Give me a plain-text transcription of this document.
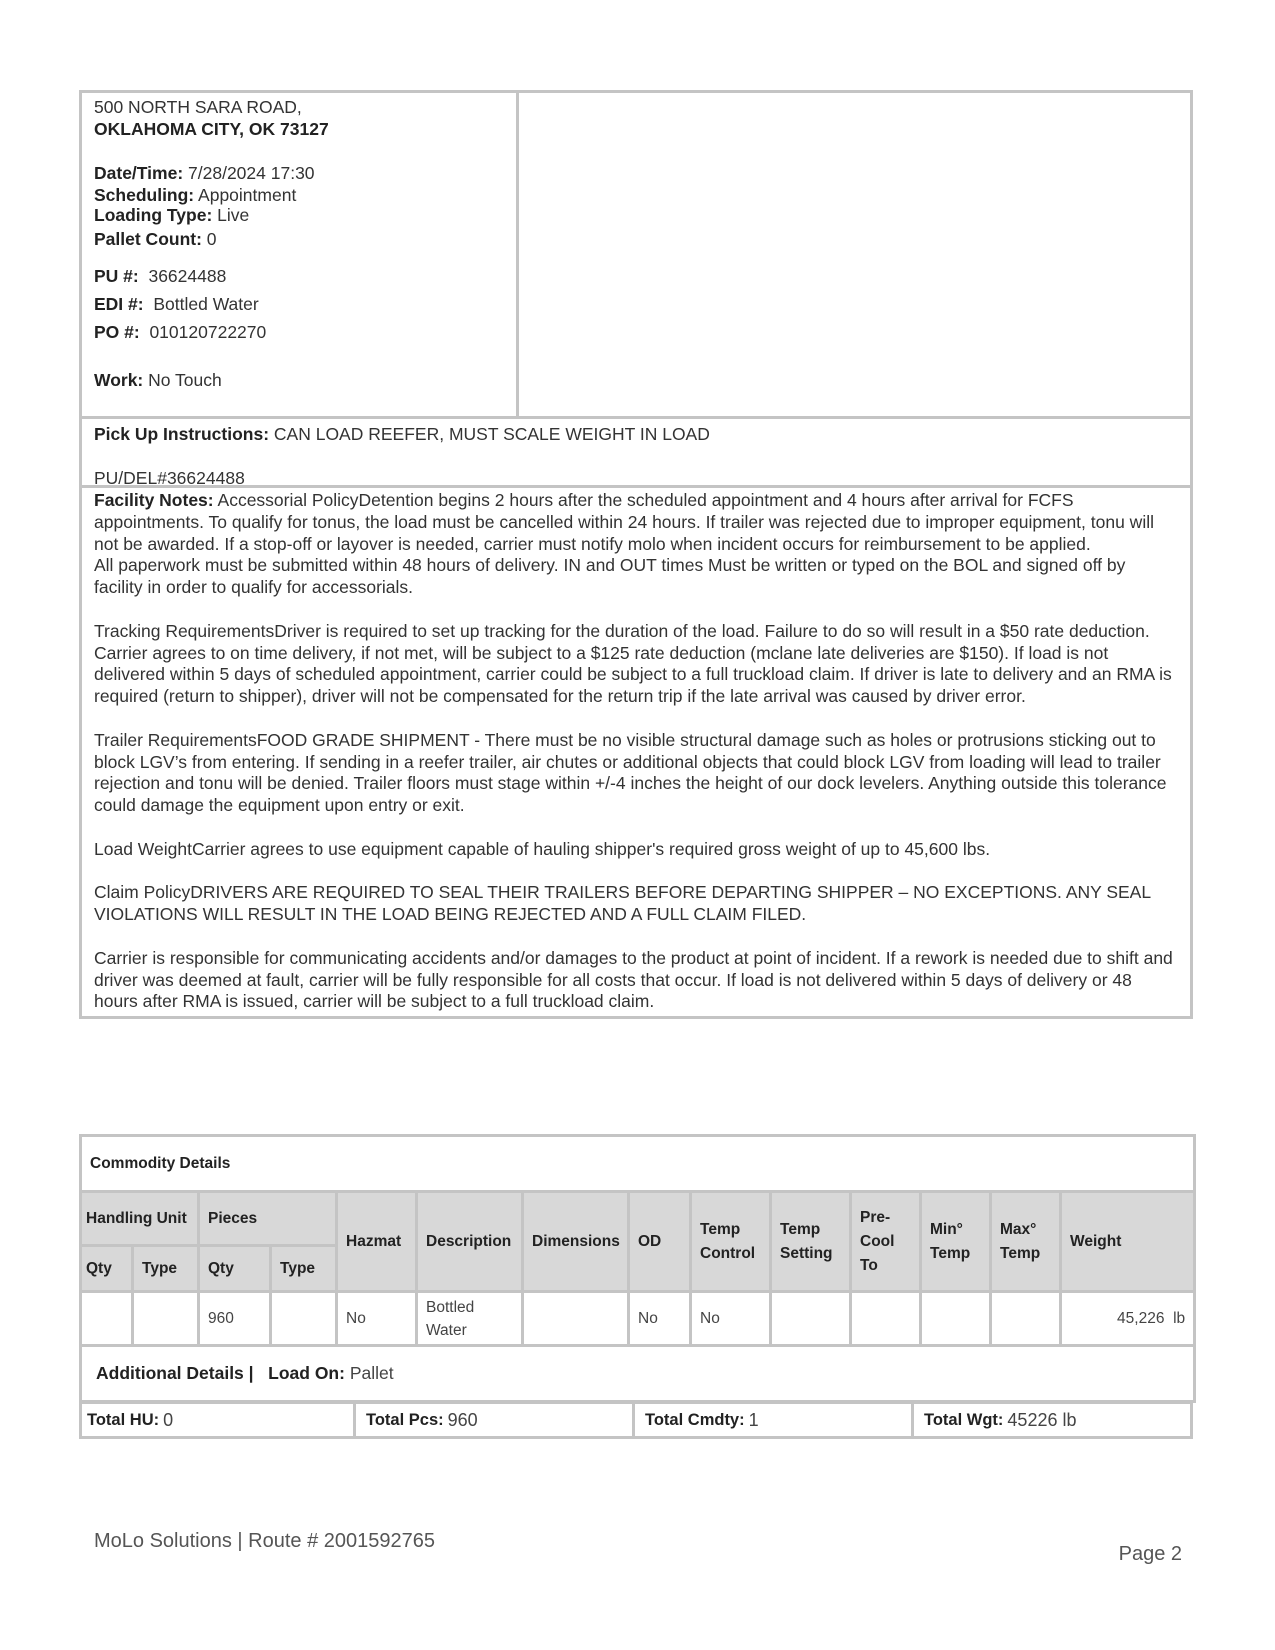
500 NORTH SARA ROAD,
OKLAHOMA CITY, OK 73127
Date/Time: 7/28/2024 17:30
Scheduling: Appointment
Loading Type: Live
Pallet Count: 0
PU #: 36624488
EDI #: Bottled Water
PO #: 010120722270
Work: No Touch
Pick Up Instructions: CAN LOAD REEFER, MUST SCALE WEIGHT IN LOAD
PU/DEL#36624488

Facility Notes: Accessorial PolicyDetention begins 2 hours after the scheduled appointment and 4 hours after arrival for FCFS appointments. To qualify for tonus, the load must be cancelled within 24 hours. If trailer was rejected due to improper equipment, tonu will not be awarded. If a stop-off or layover is needed, carrier must notify molo when incident occurs for reimbursement to be applied.

All paperwork must be submitted within 48 hours of delivery. IN and OUT times Must be written or typed on the BOL and signed off by facility in order to qualify for accessorials.

Tracking RequirementsDriver is required to set up tracking for the duration of the load. Failure to do so will result in a $50 rate deduction.

Carrier agrees to on time delivery, if not met, will be subject to a $125 rate deduction (mclane late deliveries are $150). If load is not delivered within 5 days of scheduled appointment, carrier could be subject to a full truckload claim. If driver is late to delivery and an RMA is required (return to shipper), driver will not be compensated for the return trip if the late arrival was caused by driver error.

Trailer RequirementsFOOD GRADE SHIPMENT - There must be no visible structural damage such as holes or protrusions sticking out to block LGV’s from entering. If sending in a reefer trailer, air chutes or additional objects that could block LGV from loading will lead to trailer rejection and tonu will be denied. Trailer floors must stage within +/-4 inches the height of our dock levelers. Anything outside this tolerance could damage the equipment upon entry or exit.

Load WeightCarrier agrees to use equipment capable of hauling shipper's required gross weight of up to 45,600 lbs.

Claim PolicyDRIVERS ARE REQUIRED TO SEAL THEIR TRAILERS BEFORE DEPARTING SHIPPER – NO EXCEPTIONS. ANY SEAL VIOLATIONS WILL RESULT IN THE LOAD BEING REJECTED AND A FULL CLAIM FILED.

Carrier is responsible for communicating accidents and/or damages to the product at point of incident. If a rework is needed due to shift and driver was deemed at fault, carrier will be fully responsible for all costs that occur. If load is not delivered within 5 days of delivery or 48 hours after RMA is issued, carrier will be subject to a full truckload claim.

Commodity Details													
Handling Unit		Pieces		Hazmat	Description	Dimensions	OD	Temp Control	Temp Setting	Pre-Cool To	Min° Temp	Max° Temp	Weight
Qty	Type	Qty	Type										
		960		No	Bottled Water		No	No					45,226  lb
Additional Details | Load On: Pallet													
Total HU: 0	Total Pcs: 960	Total Cmdty: 1	Total Wgt: 45226 lb
MoLo Solutions | Route # 2001592765
Page 2
